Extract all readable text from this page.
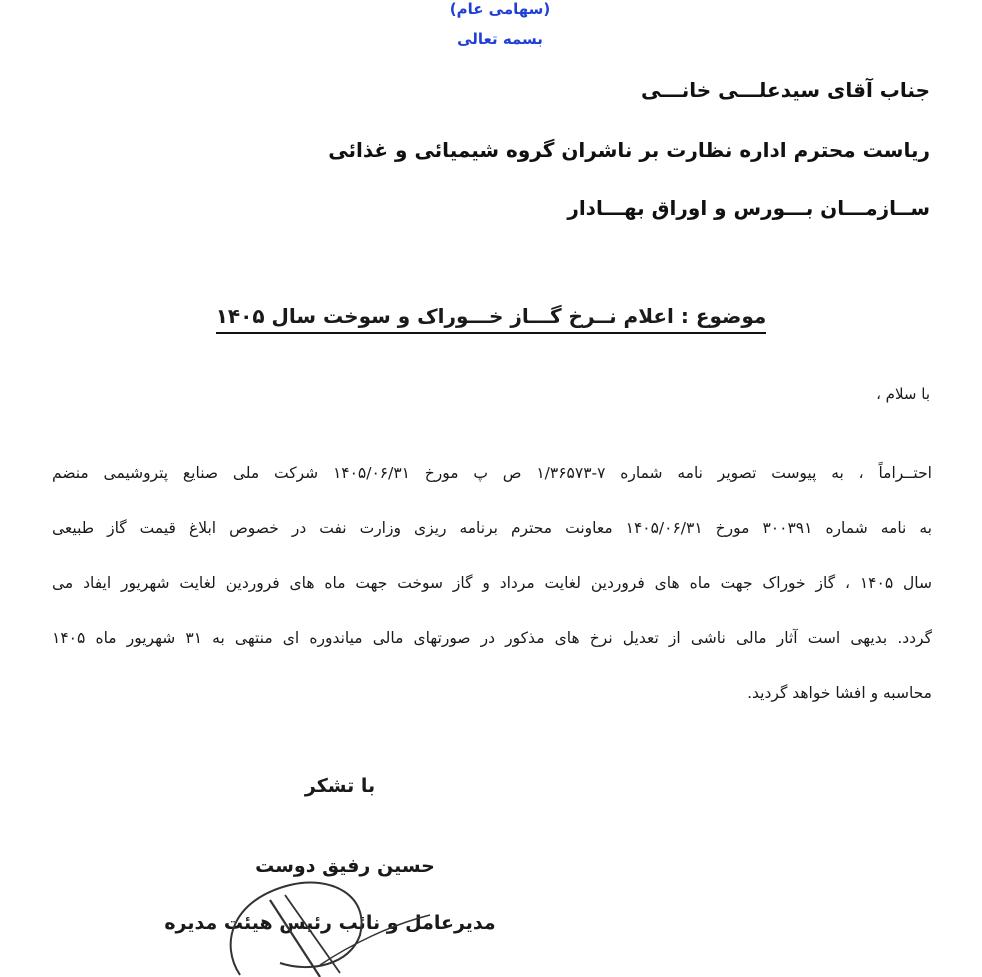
(سهامی عام)
بسمه تعالی
جناب آقای سیدعلـــی خانـــی
ریاست محترم اداره نظارت بر ناشران گروه شیمیائی و غذائی
ســازمـــان بـــورس و اوراق بهـــادار
موضوع : اعلام نــرخ گـــاز خـــوراک و سوخت سال ۱۴۰۵
با سلام ،

احتــراماً ، به پیوست تصویر نامه شماره ۷-۱/۳۶۵۷۳ ص پ مورخ ۱۴۰۵/۰۶/۳۱ شرکت ملی صنایع پتروشیمی منضم

به نامه شماره ۳۰۰۳۹۱ مورخ ۱۴۰۵/۰۶/۳۱ معاونت محترم برنامه ریزی وزارت نفت در خصوص ابلاغ قیمت گاز طبیعی

سال ۱۴۰۵ ، گاز خوراک جهت ماه های فروردین لغایت مرداد و گاز سوخت جهت ماه های فروردین لغایت شهریور ایفاد می

گردد. بدیهی است آثار مالی ناشی از تعدیل نرخ های مذکور در صورتهای مالی میاندوره ای منتهی به ۳۱ شهریور ماه ۱۴۰۵

محاسبه و افشا خواهد گردید.

با تشکر
حسین رفیق دوست
مدیرعامل و نائب رئیس هیئت مدیره
